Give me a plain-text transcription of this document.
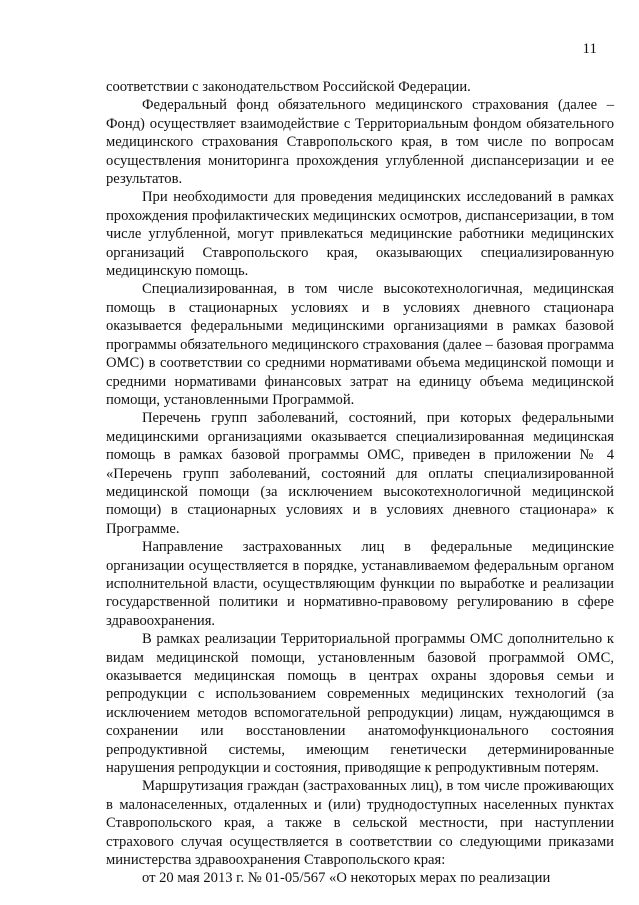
11

соответствии с законодательством Российской Федерации.

Федеральный фонд обязательного медицинского страхования (далее – Фонд) осуществляет взаимодействие с Территориальным фондом обязательного медицинского страхования Ставропольского края, в том числе по вопросам осуществления мониторинга прохождения углубленной диспансеризации и ее результатов.

При необходимости для проведения медицинских исследований в рамках прохождения профилактических медицинских осмотров, диспансеризации, в том числе углубленной, могут привлекаться медицинские работники медицинских организаций Ставропольского края, оказывающих специализированную медицинскую помощь.

Специализированная, в том числе высокотехнологичная, медицинская помощь в стационарных условиях и в условиях дневного стационара оказывается федеральными медицинскими организациями в рамках базовой программы обязательного медицинского страхования (далее – базовая программа ОМС) в соответствии со средними нормативами объема медицинской помощи и средними нормативами финансовых затрат на единицу объема медицинской помощи, установленными Программой.

Перечень групп заболеваний, состояний, при которых федеральными медицинскими организациями оказывается специализированная медицинская помощь в рамках базовой программы ОМС, приведен в приложении № 4 «Перечень групп заболеваний, состояний для оплаты специализированной медицинской помощи (за исключением высокотехнологичной медицинской помощи) в стационарных условиях и в условиях дневного стационара» к Программе.

Направление застрахованных лиц в федеральные медицинские организации осуществляется в порядке, устанавливаемом федеральным органом исполнительной власти, осуществляющим функции по выработке и реализации государственной политики и нормативно-правовому регулированию в сфере здравоохранения.

В рамках реализации Территориальной программы ОМС дополнительно к видам медицинской помощи, установленным базовой программой ОМС, оказывается медицинская помощь в центрах охраны здоровья семьи и репродукции с использованием современных медицинских технологий (за исключением методов вспомогательной репродукции) лицам, нуждающимся в сохранении или восстановлении анатомофункционального состояния репродуктивной системы, имеющим генетически детерминированные нарушения репродукции и состояния, приводящие к репродуктивным потерям.

Маршрутизация граждан (застрахованных лиц), в том числе проживающих в малонаселенных, отдаленных и (или) труднодоступных населенных пунктах Ставропольского края, а также в сельской местности, при наступлении страхового случая осуществляется в соответствии со следующими приказами министерства здравоохранения Ставропольского края:

от 20 мая 2013 г. № 01-05/567 «О некоторых мерах по реализации
